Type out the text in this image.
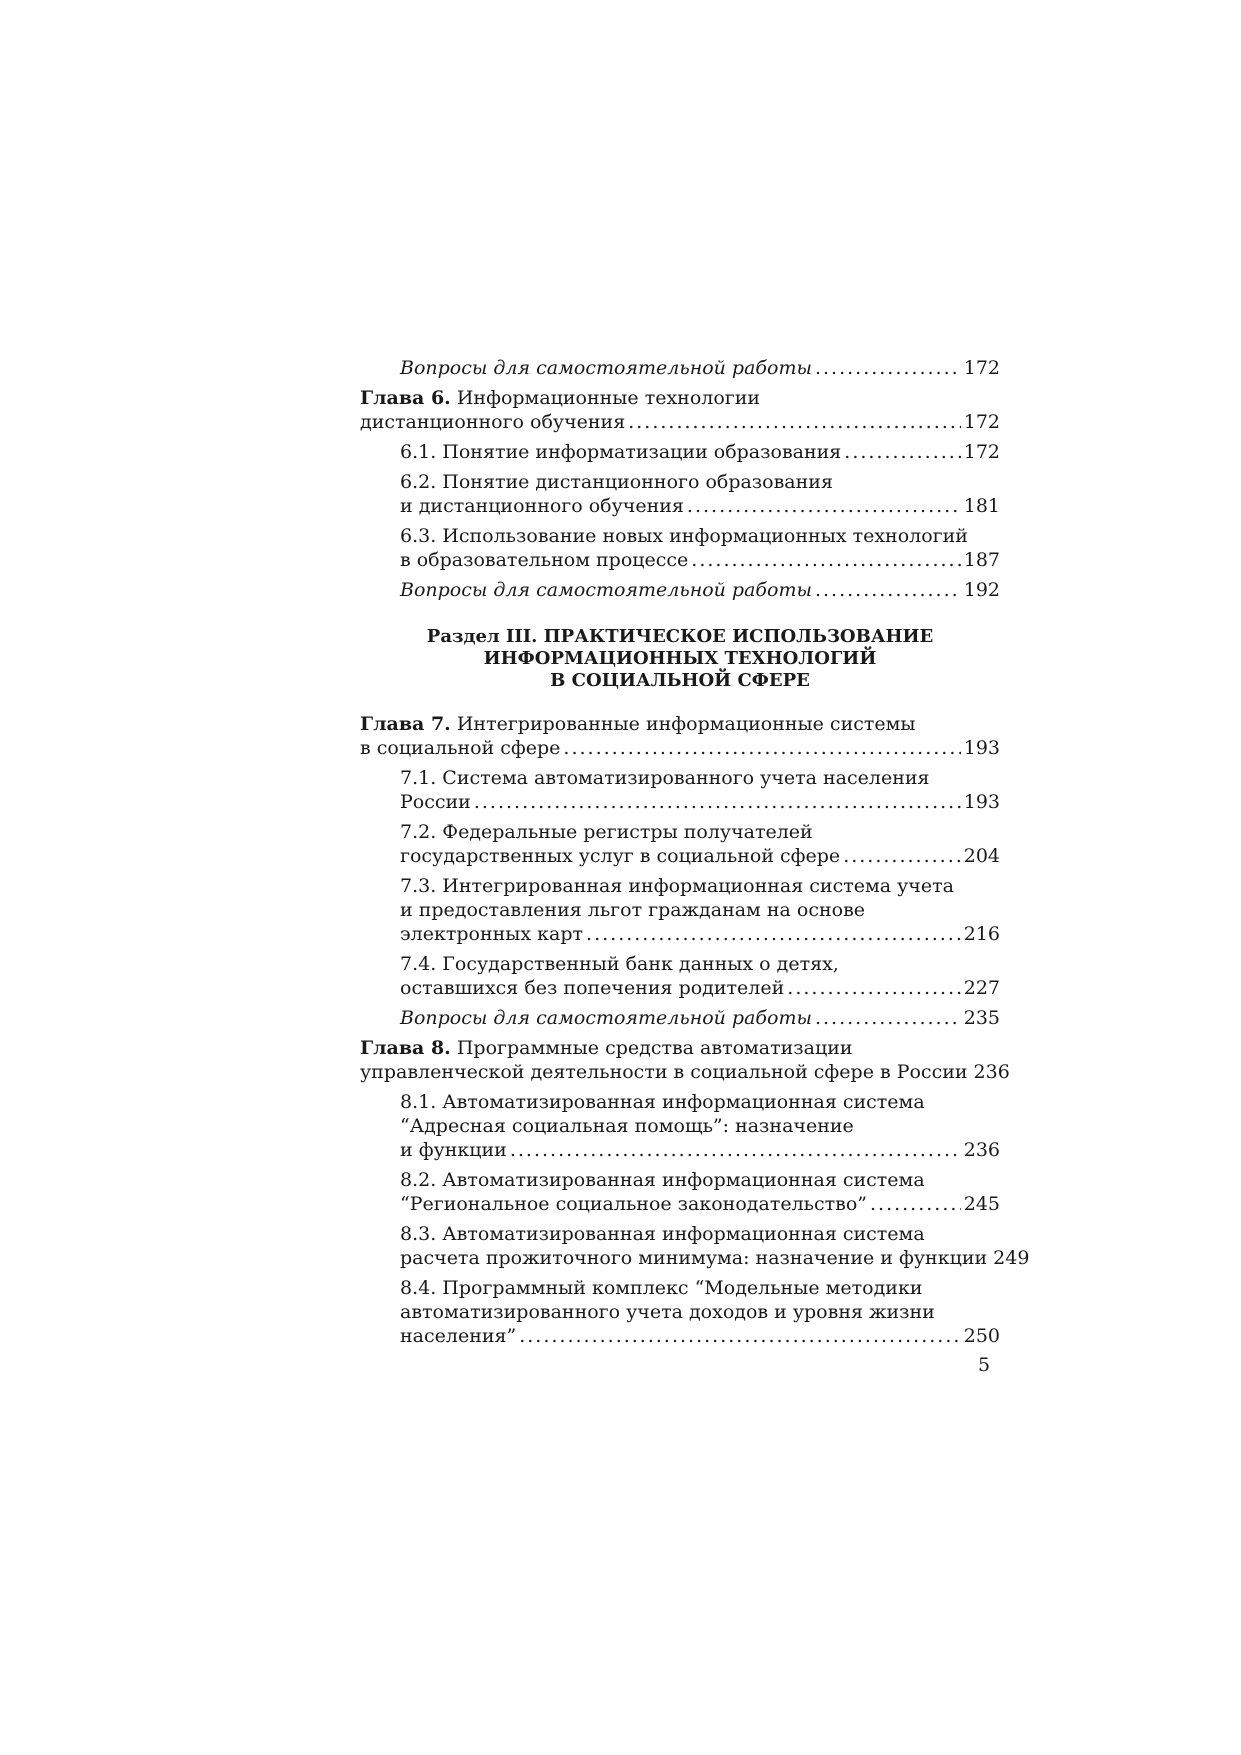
Вопросы для самостоятельной работы .....	172
Глава 6. Информационные технологии
дистанционного обучения .....	172
6.1. Понятие информатизации образования .....	172
6.2. Понятие дистанционного образования
и дистанционного обучения .....	181
6.3. Использование новых информационных технологий
в образовательном процессе .....	187
Вопросы для самостоятельной работы .....	192
Раздел III. ПРАКТИЧЕСКОЕ ИСПОЛЬЗОВАНИЕ
ИНФОРМАЦИОННЫХ ТЕХНОЛОГИЙ
В СОЦИАЛЬНОЙ СФЕРЕ
Глава 7. Интегрированные информационные системы
в социальной сфере .....	193
7.1. Система автоматизированного учета населения
России .....	193
7.2. Федеральные регистры получателей
государственных услуг в социальной сфере .....	204
7.3. Интегрированная информационная система учета
и предоставления льгот гражданам на основе
электронных карт .....	216
7.4. Государственный банк данных о детях,
оставшихся без попечения родителей .....	227
Вопросы для самостоятельной работы .....	235
Глава 8. Программные средства автоматизации
управленческой деятельности в социальной сфере в России 236
8.1. Автоматизированная информационная система
“Адресная социальная помощь”: назначение
и функции .....	236
8.2. Автоматизированная информационная система
“Региональное социальное законодательство” .....	245
8.3. Автоматизированная информационная система
расчета прожиточного минимума: назначение и функции 249
8.4. Программный комплекс “Модельные методики
автоматизированного учета доходов и уровня жизни
населения” .....	250
5
